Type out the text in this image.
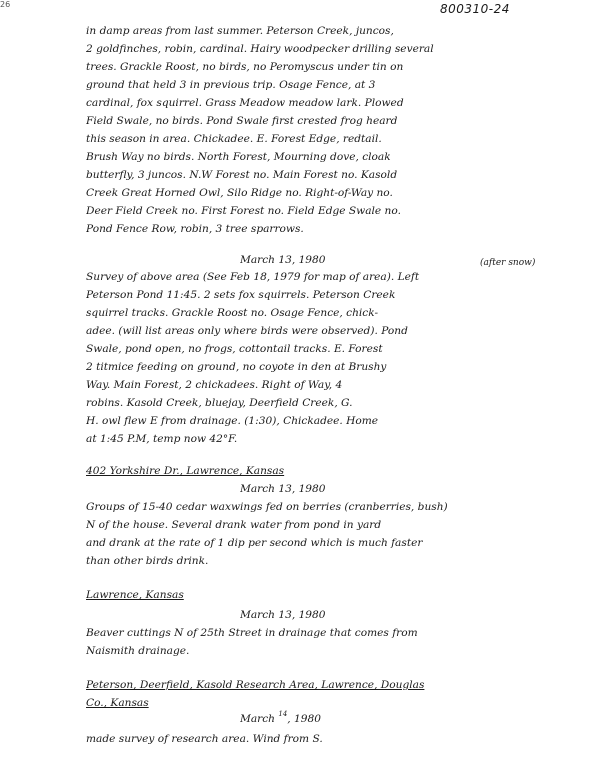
26	800310-24
in damp areas from last summer. Peterson Creek, juncos,
2 goldfinches, robin, cardinal. Hairy woodpecker drilling several
trees. Grackle Roost, no birds, no Peromyscus under tin on
ground that held 3 in previous trip. Osage Fence, at 3
cardinal, fox squirrel. Grass Meadow meadow lark. Plowed
Field Swale, no birds. Pond Swale first crested frog heard
this season in area. Chickadee. E. Forest Edge, redtail.
Brush Way no birds. North Forest, Mourning dove, cloak
butterfly, 3 juncos. N.W Forest no. Main Forest no. Kasold
Creek Great Horned Owl, Silo Ridge no. Right-of-Way no.
Deer Field Creek no. First Forest no. Field Edge Swale no.
Pond Fence Row, robin, 3 tree sparrows.
March 13, 1980	(after snow)
Survey of above area (See Feb 18, 1979 for map of area). Left
Peterson Pond 11:45. 2 sets fox squirrels. Peterson Creek
squirrel tracks. Grackle Roost no. Osage Fence, chick-
adee. (will list areas only where birds were observed). Pond
Swale, pond open, no frogs, cottontail tracks. E. Forest
2 titmice feeding on ground, no coyote in den at Brushy
Way. Main Forest, 2 chickadees. Right of Way, 4
robins. Kasold Creek, bluejay, Deerfield Creek, G.
H. owl flew E from drainage. (1:30), Chickadee. Home
at 1:45 P.M, temp now 42°F.
402 Yorkshire Dr., Lawrence, Kansas
March 13, 1980
Groups of 15-40 cedar waxwings fed on berries (cranberries, bush)
N of the house. Several drank water from pond in yard
and drank at the rate of 1 dip per second which is much faster
than other birds drink.
Lawrence, Kansas
March 13, 1980
Beaver cuttings N of 25th Street in drainage that comes from
Naismith drainage.
Peterson, Deerfield, Kasold Research Area, Lawrence, Douglas
Co., Kansas
March $^{14}$, 1980
made survey of research area. Wind from S.
